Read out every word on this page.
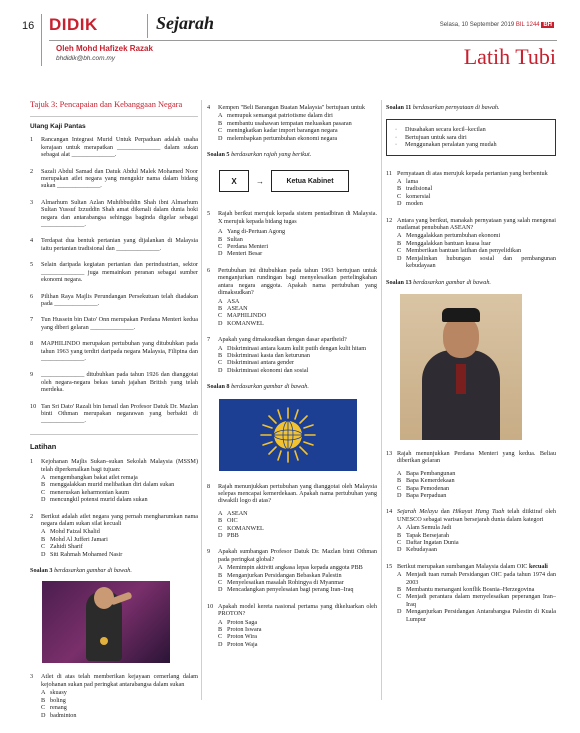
16 DIDIK	Sejarah	Selasa, 10 September 2019 BIL 1244 BH
Oleh Mohd Hafizek Razak
bhdidik@bh.com.my	Latih Tubi
Tajuk 3: Pencapaian dan Kebanggaan Negara
Ulang Kaji Pantas
1	Rancangan Integrasi Murid Untuk Perpaduan adalah usaha kerajaan untuk merapatkan ______________ dalam sukan sebagai alat ______________.
2	Sazali Abdul Samad dan Datuk Abdul Malek Mohamed Noor merupakan atlet negara yang mengukir nama dalam bidang sukan ______________.
3	Almarhum Sultan Azlan Muhibbuddin Shah ibni Almarhum Sultan Yussuf Izzuddin Shah amat dikenali dalam dunia hoki negara dan antarabangsa sehingga baginda digelar sebagai ______________.
4	Terdapat dua bentuk pertanian yang dijalankan di Malaysia iaitu pertanian tradisional dan ______________.
5	Selain daripada kegiatan pertanian dan perindustrian, sektor ______________ juga memainkan peranan sebagai sumber ekonomi negara.
6	Pilihan Raya Majlis Perundangan Persekutuan telah diadakan pada ______________.
7	Tun Hussein bin Dato' Onn merupakan Perdana Menteri kedua yang diberi gelaran ______________.
8	MAPHILINDO merupakan pertubuhan yang ditubuhkan pada tahun 1963 yang terdiri daripada negara Malaysia, Filipina dan ______________.
9	______________ ditubuhkan pada tahun 1926 dan dianggotai oleh negara-negara bekas tanah jajahan British yang telah merdeka.
10 Tan Sri Dato' Razali bin Ismail dan Profesor Datuk Dr. Mazlan binti Othman merupakan negarawan yang berbakti di ______________.
Latihan
1	Kejohanan Majlis Sukan–sukan Sekolah Malaysia (MSSM) telah diperkenalkan bagi tujuan:
A mengembangkan bakat atlet remaja
B menggalakkan murid melibatkan diri dalam sukan
C meneruskan keharmonian kaum
D mencungkil potensi murid dalam sukan
2	Berikut adalah atlet negara yang pernah mengharumkan nama negara dalam sukan silat kecuali
A Mohd Faizal Khalid
B Mohd Al Jufferi Jamari
C Zahidi Sharif
D Siti Rahmah Mohamed Nasir
Soalan 3 berdasarkan gambar di bawah.
3	Atlet di atas telah memberikan kejayaan cemerlang dalam kejohanan sukan pad peringkat antarabangsa dalam sukan
A skuasy
B boling
C renang
D badminton
4	Kempen "Beli Barangan Buatan Malaysia" bertujuan untuk
A memupuk semangat patriotisme dalam diri
B membantu usahawan tempatan meluaskan pasaran
C meningkatkan kadar import barangan negara
D melembapkan pertumbuhan ekonomi negara
Soalan 5 berdasarkan rajah yang berikut.
X	→	Ketua Kabinet
5	Rajah berikut merujuk kepada sistem pentadbiran di Malaysia. X merujuk kepada bidang tugas
A Yang di-Pertuan Agong
B Sultan
C Perdana Menteri
D Menteri Besar
6	Pertubuhan ini ditubuhkan pada tahun 1963 bertujuan untuk menganjurkan rundingan bagi menyelesaikan pertelingkahan antara negara anggota. Apakah nama pertubuhan yang dimaksudkan?
A ASA
B ASEAN
C MAPHILINDO
D KOMANWEL
7	Apakah yang dimaksudkan dengan dasar apartheid?
A Diskriminasi antara kaum kulit putih dengan kulit hitam
B Diskriminasi kasta dan keturunan
C Diskriminasi antara gender
D Diskriminasi ekonomi dan sosial
Soalan 8 berdasarkan gambar di bawah.
8	Rajah menunjukkan pertubuhan yang dianggotai oleh Malaysia selepas mencapai kemerdekaan. Apakah nama pertubuhan yang diwakili logo di atas?
A ASEAN
B OIC
C KOMANWEL
D PBB
9	Apakah sumbangan Profesor Datuk Dr. Mazlan binti Othman pada peringkat global?
A Memimpin aktiviti angkasa lepas kepada anggota PBB
B Menganjurkan Persidangan Bebaskan Palestin
C Menyelesaikan masalah Rohingya di Myanmar
D Mencadangkan penyelesaian bagi perang Iran–Iraq
10 Apakah model kereta nasional pertama yang dikeluarkan oleh PROTON?
A Proton Saga
B Proton Iswara
C Proton Wira
D Proton Waja
Soalan 11 berdasarkan pernyataan di bawah.
·	Diusahakan secara kecil–kecilan
·	Bertujuan untuk sara diri
·	Menggunakan peralatan yang mudah
11 Pernyataan di atas merujuk kepada pertanian yang berbentuk
A lama
B tradisional
C komersial
D moden
12 Antara yang berikut, manakah pernyataan yang salah mengenai matlamat penubuhan ASEAN?
A Menggalakkan pertumbuhan ekonomi
B Menggalakkan bantuan kuasa luar
C Memberikan bantuan latihan dan penyelidikan
D Menjalinkan hubungan sosial dan pembangunan kebudayaan
Soalan 13 berdasarkan gambar di bawah.
13 Rajah menunjukkan Perdana Menteri yang kedua. Beliau diberikan gelaran
A Bapa Pembangunan
B Bapa Kemerdekaan
C Bapa Pemodenan
D Bapa Perpaduan
14 Sejarah Melayu dan Hikayat Hang Tuah telah diiktiraf oleh UNESCO sebagai warisan bersejarah dunia dalam kategori
A Alam Semula Jadi
B Tapak Bersejarah
C Daftar Ingatan Dunia
D Kebudayaan
15 Berikut merupakan sumbangan Malaysia dalam OIC kecuali
A Menjadi tuan rumah Persidangan OIC pada tahun 1974 dan 2003
B Membantu menangani konflik Bosnia–Herzegovina
C Menjadi perantara dalam menyelesaikan peperangan Iran–Iraq
D Menganjurkan Persidangan Antarabangsa Palestin di Kuala Lumpur
